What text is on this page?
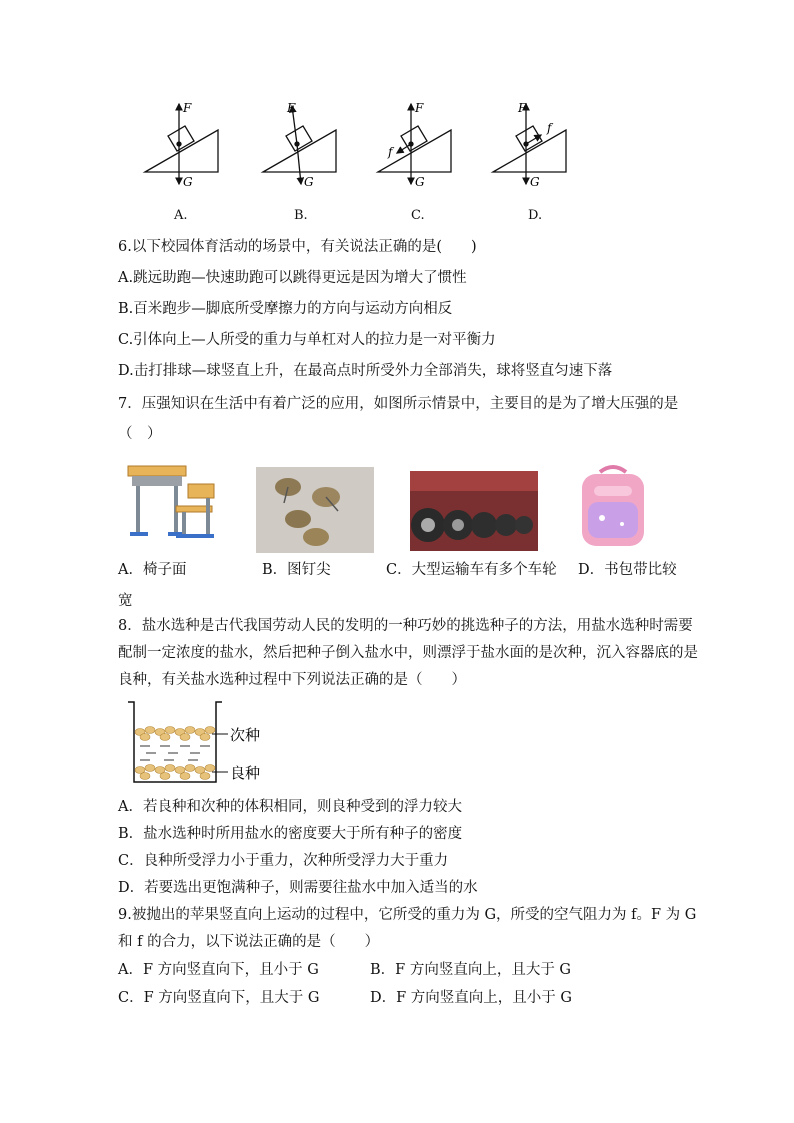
F
G
F
G
F
f
G
F
f
G
A.	B.	C.	D.
6.以下校园体育活动的场景中，有关说法正确的是(　　)
A.跳远助跑—快速助跑可以跳得更远是因为增大了惯性
B.百米跑步—脚底所受摩擦力的方向与运动方向相反
C.引体向上—人所受的重力与单杠对人的拉力是一对平衡力
D.击打排球—球竖直上升，在最高点时所受外力全部消失，球将竖直匀速下落
7．压强知识在生活中有着广泛的应用，如图所示情景中，主要目的是为了增大压强的是
（　）
A．椅子面	B．图钉尖	C．大型运输车有多个车轮 D．书包带比较
宽
8．盐水选种是古代我国劳动人民的发明的一种巧妙的挑选种子的方法，用盐水选种时需要
配制一定浓度的盐水，然后把种子倒入盐水中，则漂浮于盐水面的是次种，沉入容器底的是
良种，有关盐水选种过程中下列说法正确的是（　　）
次种
良种
A．若良种和次种的体积相同，则良种受到的浮力较大
B．盐水选种时所用盐水的密度要大于所有种子的密度
C．良种所受浮力小于重力，次种所受浮力大于重力
D．若要选出更饱满种子，则需要往盐水中加入适当的水
9.被抛出的苹果竖直向上运动的过程中，它所受的重力为 G，所受的空气阻力为 f。F 为 G
和 f 的合力，以下说法正确的是（　　）
A．F 方向竖直向下，且小于 G	B．F 方向竖直向上，且大于 G
C．F 方向竖直向下，且大于 G	D．F 方向竖直向上，且小于 G
